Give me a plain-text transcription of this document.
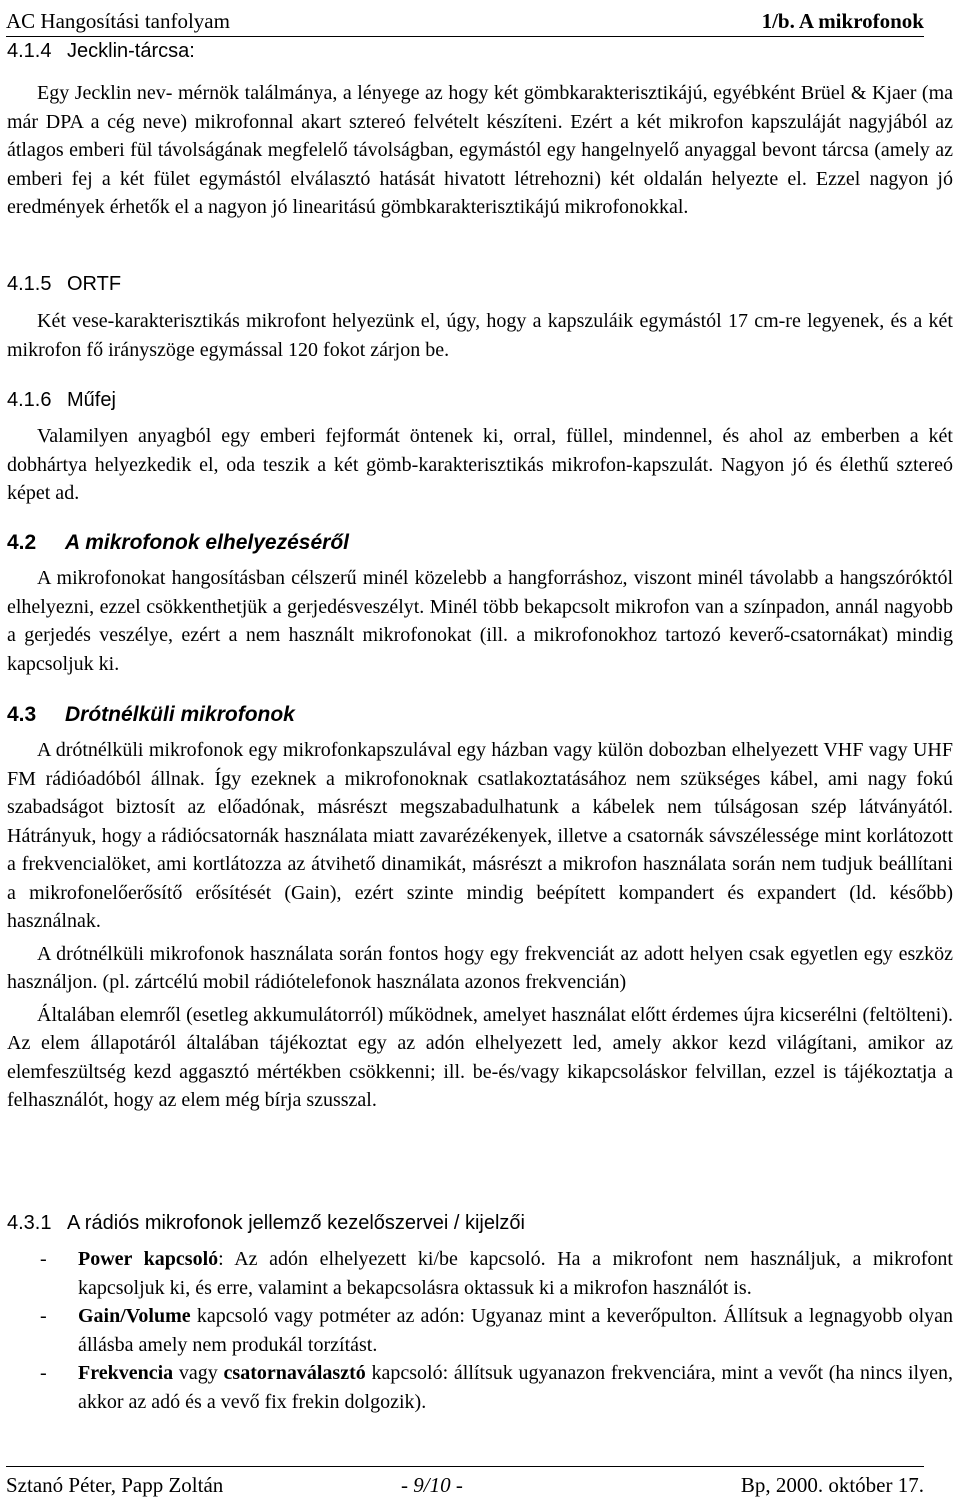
AC Hangosítási tanfolyam	1/b. A mikrofonok
4.1.4 Jecklin-tárcsa:

Egy Jecklin nev- mérnök találmánya, a lényege az hogy két gömbkarakterisztikájú, egyébként Brüel & Kjaer (ma már DPA a cég neve) mikrofonnal akart sztereó felvételt készíteni. Ezért a két mikrofon kapszuláját nagyjából az átlagos emberi fül távolságának megfelelő távolságban, egymástól egy hangelnyelő anyaggal bevont tárcsa (amely az emberi fej a két fület egymástól elválasztó hatását hivatott létrehozni) két oldalán helyezte el. Ezzel nagyon jó eredmények érhetők el a nagyon jó linearitású gömbkarakterisztikájú mikrofonokkal.

4.1.5 ORTF

Két vese-karakterisztikás mikrofont helyezünk el, úgy, hogy a kapszuláik egymástól 17 cm-re legyenek, és a két mikrofon fő irányszöge egymással 120 fokot zárjon be.

4.1.6 Műfej

Valamilyen anyagból egy emberi fejformát öntenek ki, orral, füllel, mindennel, és ahol az emberben a két dobhártya helyezkedik el, oda teszik a két gömb-karakterisztikás mikrofon-kapszulát. Nagyon jó és élethű sztereó képet ad.

4.2 A mikrofonok elhelyezéséről

A mikrofonokat hangosításban célszerű minél közelebb a hangforráshoz, viszont minél távolabb a hangszóróktól elhelyezni, ezzel csökkenthetjük a gerjedésveszélyt. Minél több bekapcsolt mikrofon van a színpadon, annál nagyobb a gerjedés veszélye, ezért a nem használt mikrofonokat (ill. a mikrofonokhoz tartozó keverő-csatornákat) mindig kapcsoljuk ki.

4.3 Drótnélküli mikrofonok

A drótnélküli mikrofonok egy mikrofonkapszulával egy házban vagy külön dobozban elhelyezett VHF vagy UHF FM rádióadóból állnak. Így ezeknek a mikrofonoknak csatlakoztatásához nem szükséges kábel, ami nagy fokú szabadságot biztosít az előadónak, másrészt megszabadulhatunk a kábelek nem túlságosan szép látványától. Hátrányuk, hogy a rádiócsatornák használata miatt zavarézékenyek, illetve a csatornák sávszélessége mint korlátozott a frekvencialöket, ami kortlátozza az átvihető dinamikát, másrészt a mikrofon használata során nem tudjuk beállítani a mikrofonelőerősítő erősítését (Gain), ezért szinte mindig beépített kompandert és expandert (ld. később) használnak.

A drótnélküli mikrofonok használata során fontos hogy egy frekvenciát az adott helyen csak egyetlen egy eszköz használjon. (pl. zártcélú mobil rádiótelefonok használata azonos frekvencián)

Általában elemről (esetleg akkumulátorról) működnek, amelyet használat előtt érdemes újra kicserélni (feltölteni). Az elem állapotáról általában tájékoztat egy az adón elhelyezett led, amely akkor kezd világítani, amikor az elemfeszültség kezd aggasztó mértékben csökkenni; ill. be-és/vagy kikapcsoláskor felvillan, ezzel is tájékoztatja a felhasználót, hogy az elem még bírja szusszal.

4.3.1 A rádiós mikrofonok jellemző kezelőszervei / kijelzői
- Power kapcsoló: Az adón elhelyezett ki/be kapcsoló. Ha a mikrofont nem használjuk, a mikrofont kapcsoljuk ki, és erre, valamint a bekapcsolásra oktassuk ki a mikrofon használót is.
- Gain/Volume kapcsoló vagy potméter az adón: Ugyanaz mint a keverőpulton. Állítsuk a legnagyobb olyan állásba amely nem produkál torzítást.
- Frekvencia vagy csatornaválasztó kapcsoló: állítsuk ugyanazon frekvenciára, mint a vevőt (ha nincs ilyen, akkor az adó és a vevő fix frekin dolgozik).
Sztanó Péter, Papp Zoltán	- 9/10 -	Bp, 2000. október 17.
